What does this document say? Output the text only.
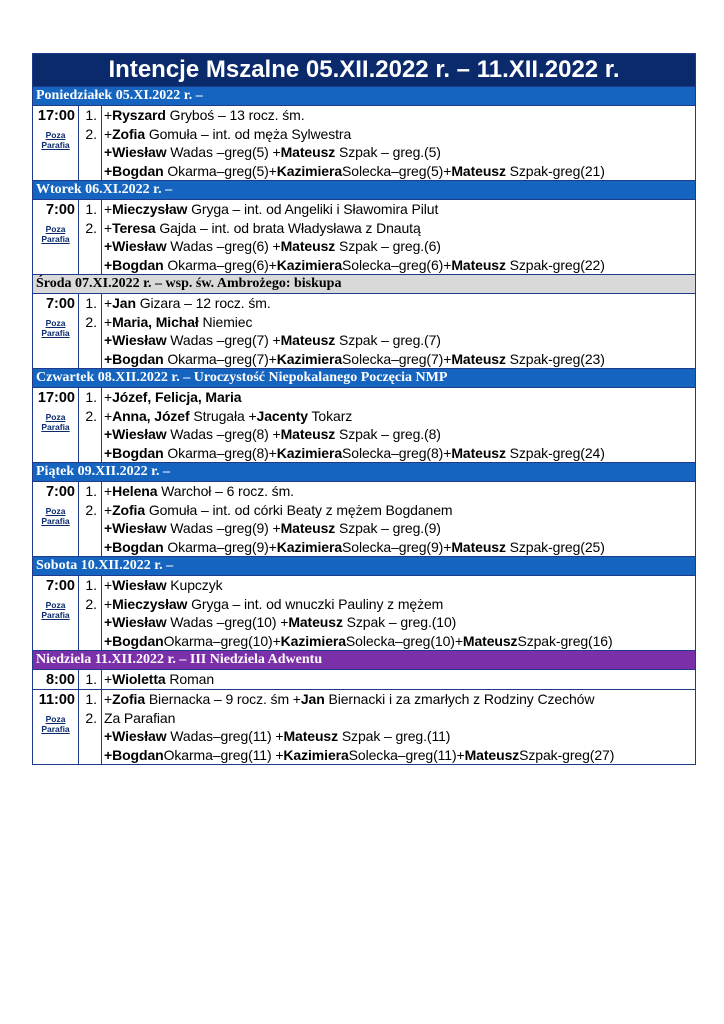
Intencje Mszalne 05.XII.2022 r. – 11.XII.2022 r.
Poniedziałek 05.XI.2022 r. –
17:00
Poza
Parafia
1.
2.
+Ryszard Gryboś – 13 rocz. śm.
+Zofia Gomuła – int. od męża Sylwestra
+Wiesław Wadas –greg(5) +Mateusz Szpak – greg.(5)
+Bogdan Okarma–greg(5)+KazimieraSolecka–greg(5)+Mateusz Szpak-greg(21)
Wtorek 06.XI.2022 r. –
7:00
Poza
Parafia
1.
2.
+Mieczysław Gryga – int. od Angeliki i Sławomira Pilut
+Teresa Gajda – int. od brata Władysława z Dnautą
+Wiesław Wadas –greg(6) +Mateusz Szpak – greg.(6)
+Bogdan Okarma–greg(6)+KazimieraSolecka–greg(6)+Mateusz Szpak-greg(22)
Środa 07.XI.2022 r. – wsp. św. Ambrożego: biskupa
7:00
Poza
Parafia
1.
2.
+Jan Gizara – 12 rocz. śm.
+Maria, Michał Niemiec
+Wiesław Wadas –greg(7) +Mateusz Szpak – greg.(7)
+Bogdan Okarma–greg(7)+KazimieraSolecka–greg(7)+Mateusz Szpak-greg(23)
Czwartek 08.XII.2022 r. – Uroczystość Niepokalanego Poczęcia NMP
17:00
Poza
Parafia
1.
2.
+Józef, Felicja, Maria
+Anna, Józef Strugała +Jacenty Tokarz
+Wiesław Wadas –greg(8) +Mateusz Szpak – greg.(8)
+Bogdan Okarma–greg(8)+KazimieraSolecka–greg(8)+Mateusz Szpak-greg(24)
Piątek 09.XII.2022 r. –
7:00
Poza
Parafia
1.
2.
+Helena Warchoł – 6 rocz. śm.
+Zofia Gomuła – int. od córki Beaty z mężem Bogdanem
+Wiesław Wadas –greg(9) +Mateusz Szpak – greg.(9)
+Bogdan Okarma–greg(9)+KazimieraSolecka–greg(9)+Mateusz Szpak-greg(25)
Sobota 10.XII.2022 r. –
7:00
Poza
Parafia
1.
2.
+Wiesław Kupczyk
+Mieczysław Gryga – int. od wnuczki Pauliny z mężem
+Wiesław Wadas –greg(10) +Mateusz Szpak – greg.(10)
+BogdanOkarma–greg(10)+KazimieraSolecka–greg(10)+MateuszSzpak-greg(16)
Niedziela 11.XII.2022 r. – III Niedziela Adwentu
8:00 1. +Wioletta Roman
11:00
Poza
Parafia
1.
2.
+Zofia Biernacka – 9 rocz. śm +Jan Biernacki i za zmarłych z Rodziny Czechów
Za Parafian
+Wiesław Wadas–greg(11) +Mateusz Szpak – greg.(11)
+BogdanOkarma–greg(11) +KazimieraSolecka–greg(11)+MateuszSzpak-greg(27)
